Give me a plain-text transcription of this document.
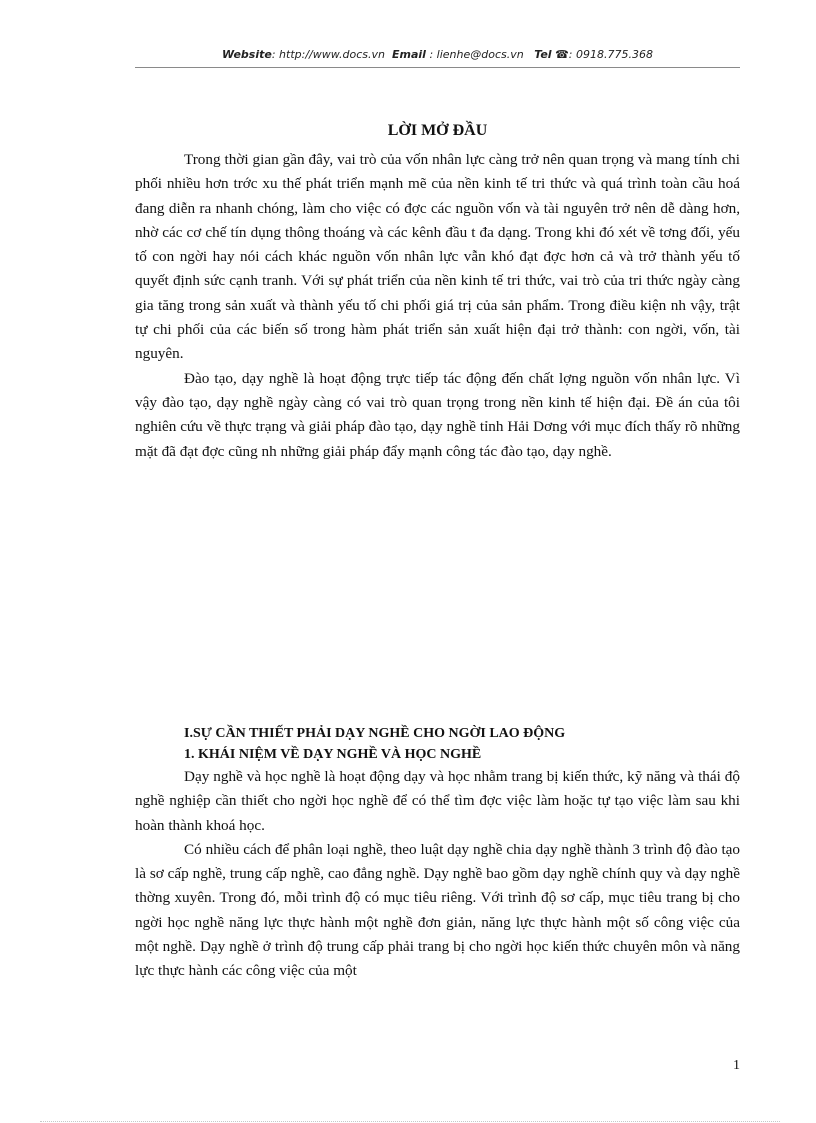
Website: http://www.docs.vn Email : lienhe@docs.vn Tel ☎: 0918.775.368
LỜI MỞ ĐẦU

Trong thời gian gần đây, vai trò của vốn nhân lực càng trở nên quan trọng và mang tính chi phối nhiều hơn trớc xu thế phát triển mạnh mẽ của nền kinh tế tri thức và quá trình toàn cầu hoá đang diễn ra nhanh chóng, làm cho việc có đợc các nguồn vốn và tài nguyên trở nên dễ dàng hơn, nhờ các cơ chế tín dụng thông thoáng và các kênh đầu t đa dạng. Trong khi đó xét về tơng đối, yếu tố con ngời hay nói cách khác nguồn vốn nhân lực vẫn khó đạt đợc hơn cả và trở thành yếu tố quyết định sức cạnh tranh. Với sự phát triển của nền kinh tế tri thức, vai trò của tri thức ngày càng gia tăng trong sản xuất và thành yếu tố chi phối giá trị của sản phẩm. Trong điều kiện nh vậy, trật tự chi phối của các biến số trong hàm phát triển sản xuất hiện đại trở thành: con ngời, vốn, tài nguyên.

Đào tạo, dạy nghề là hoạt động trực tiếp tác động đến chất lợng nguồn vốn nhân lực. Vì vậy đào tạo, dạy nghề ngày càng có vai trò quan trọng trong nền kinh tế hiện đại. Đề án của tôi nghiên cứu về thực trạng và giải pháp đào tạo, dạy nghề tỉnh Hải Dơng với mục đích thấy rõ những mặt đã đạt đợc cũng nh những giải pháp đẩy mạnh công tác đào tạo, dạy nghề.

I.SỰ CẦN THIẾT PHẢI DẠY NGHỀ CHO NGỜI LAO ĐỘNG
1. KHÁI NIỆM VỀ DẠY NGHỀ VÀ HỌC NGHỀ

Dạy nghề và học nghề là hoạt động dạy và học nhằm trang bị kiến thức, kỹ năng và thái độ nghề nghiệp cần thiết cho ngời học nghề để có thể tìm đợc việc làm hoặc tự tạo việc làm sau khi hoàn thành khoá học.

Có nhiều cách để phân loại nghề, theo luật dạy nghề chia dạy nghề thành 3 trình độ đào tạo là sơ cấp nghề, trung cấp nghề, cao đẳng nghề. Dạy nghề bao gồm dạy nghề chính quy và dạy nghề thờng xuyên. Trong đó, mỗi trình độ có mục tiêu riêng. Với trình độ sơ cấp, mục tiêu trang bị cho ngời học nghề năng lực thực hành một nghề đơn giản, năng lực thực hành một số công việc của một nghề. Dạy nghề ở trình độ trung cấp phải trang bị cho ngời học kiến thức chuyên môn và năng lực thực hành các công việc của một

1
